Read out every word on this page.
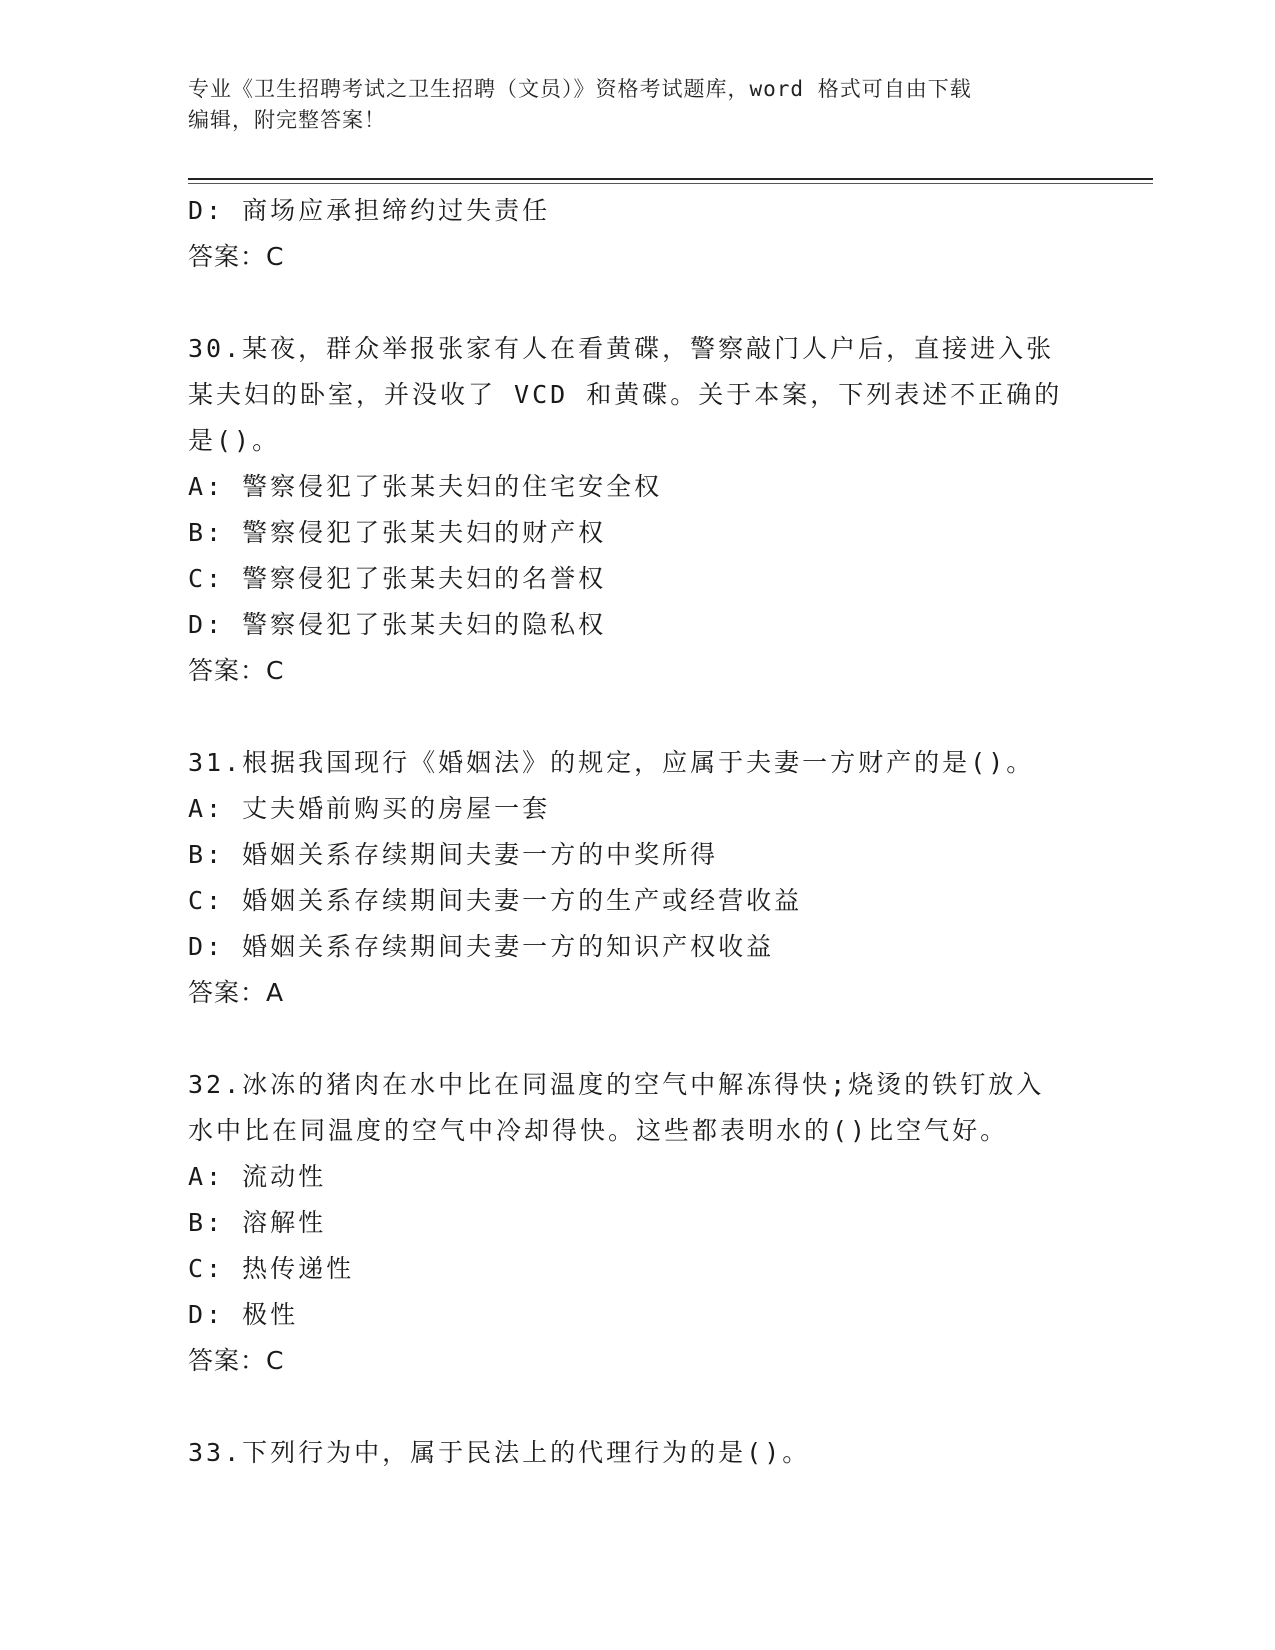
专业《卫生招聘考试之卫生招聘（文员）》资格考试题库，word 格式可自由下载
编辑，附完整答案！
D: 商场应承担缔约过失责任
答案：C
30.某夜，群众举报张家有人在看黄碟，警察敲门人户后，直接进入张
某夫妇的卧室，并没收了 VCD 和黄碟。关于本案，下列表述不正确的
是()。
A: 警察侵犯了张某夫妇的住宅安全权
B: 警察侵犯了张某夫妇的财产权
C: 警察侵犯了张某夫妇的名誉权
D: 警察侵犯了张某夫妇的隐私权
答案：C
31.根据我国现行《婚姻法》的规定，应属于夫妻一方财产的是()。
A: 丈夫婚前购买的房屋一套
B: 婚姻关系存续期间夫妻一方的中奖所得
C: 婚姻关系存续期间夫妻一方的生产或经营收益
D: 婚姻关系存续期间夫妻一方的知识产权收益
答案：A
32.冰冻的猪肉在水中比在同温度的空气中解冻得快;烧烫的铁钉放入
水中比在同温度的空气中冷却得快。这些都表明水的()比空气好。
A: 流动性
B: 溶解性
C: 热传递性
D: 极性
答案：C
33.下列行为中，属于民法上的代理行为的是()。
